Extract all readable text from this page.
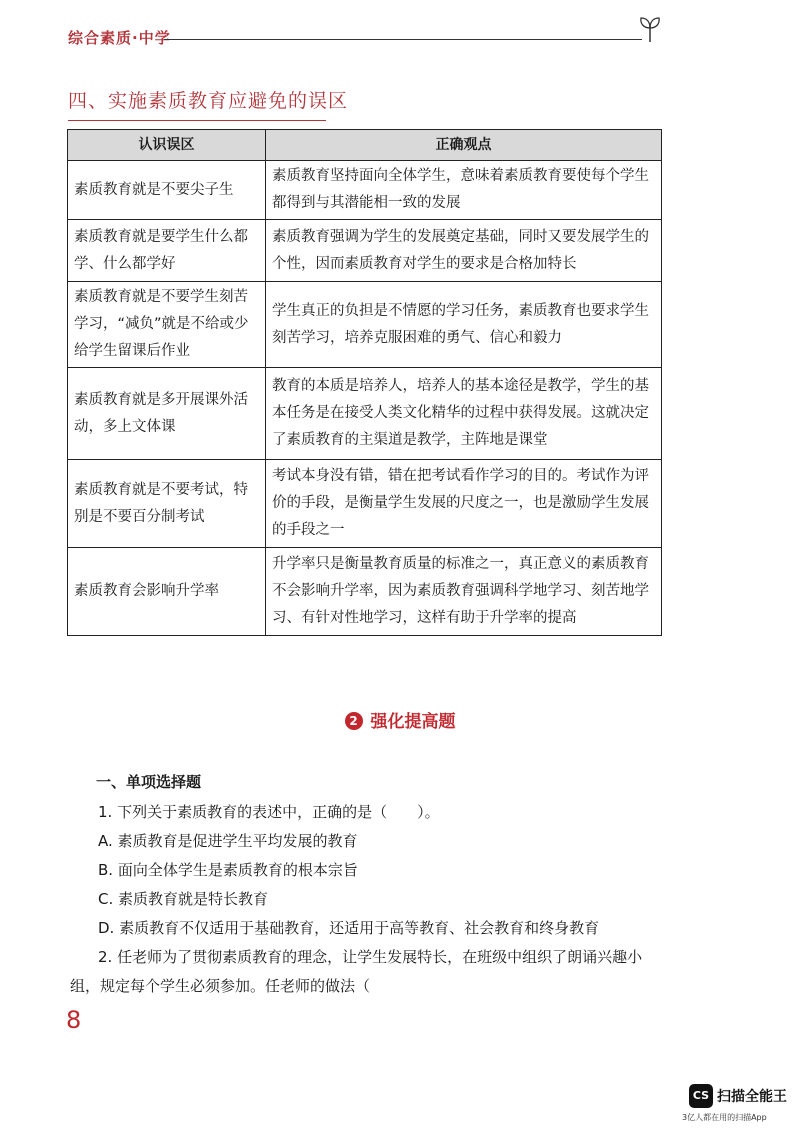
综合素质·中学
四、实施素质教育应避免的误区
认识误区	正确观点
素质教育就是不要尖子生	素质教育坚持面向全体学生，意味着素质教育要使每个学生都得到与其潜能相一致的发展
素质教育就是要学生什么都学、什么都学好	素质教育强调为学生的发展奠定基础，同时又要发展学生的个性，因而素质教育对学生的要求是合格加特长
素质教育就是不要学生刻苦学习，“减负”就是不给或少给学生留课后作业	学生真正的负担是不情愿的学习任务，素质教育也要求学生刻苦学习，培养克服困难的勇气、信心和毅力
素质教育就是多开展课外活动，多上文体课	教育的本质是培养人，培养人的基本途径是教学，学生的基本任务是在接受人类文化精华的过程中获得发展。这就决定了素质教育的主渠道是教学，主阵地是课堂
素质教育就是不要考试，特别是不要百分制考试	考试本身没有错，错在把考试看作学习的目的。考试作为评价的手段，是衡量学生发展的尺度之一，也是激励学生发展的手段之一
素质教育会影响升学率	升学率只是衡量教育质量的标准之一，真正意义的素质教育不会影响升学率，因为素质教育强调科学地学习、刻苦地学习、有针对性地学习，这样有助于升学率的提高
2 强化提高题
一、单项选择题
1. 下列关于素质教育的表述中，正确的是（　　）。
A. 素质教育是促进学生平均发展的教育
B. 面向全体学生是素质教育的根本宗旨
C. 素质教育就是特长教育
D. 素质教育不仅适用于基础教育，还适用于高等教育、社会教育和终身教育
2. 任老师为了贯彻素质教育的理念，让学生发展特长，在班级中组织了朗诵兴趣小
组，规定每个学生必须参加。任老师的做法（
8
CS 扫描全能王
3亿人都在用的扫描App
